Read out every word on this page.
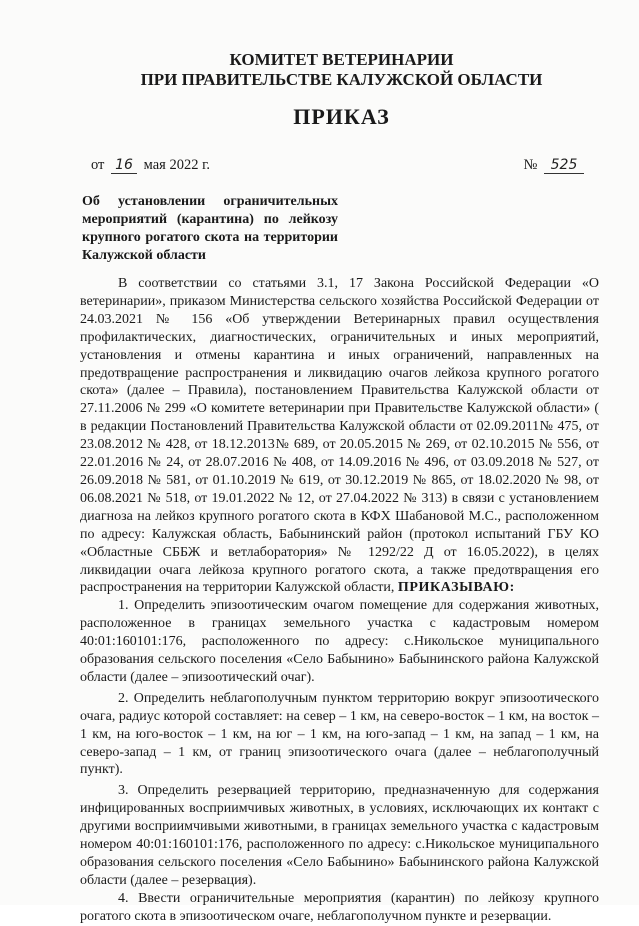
КОМИТЕТ ВЕТЕРИНАРИИ
ПРИ ПРАВИТЕЛЬСТВЕ КАЛУЖСКОЙ ОБЛАСТИ
ПРИКАЗ
от 16 мая 2022 г.	№ 525
Об установлении ограничительных мероприятий (карантина) по лейкозу крупного рогатого скота на территории Калужской области

В соответствии со статьями 3.1, 17 Закона Российской Федерации «О ветеринарии», приказом Министерства сельского хозяйства Российской Федерации от 24.03.2021 № 156 «Об утверждении Ветеринарных правил осуществления профилактических, диагностических, ограничительных и иных мероприятий, установления и отмены карантина и иных ограничений, направленных на предотвращение распространения и ликвидацию очагов лейкоза крупного рогатого скота» (далее – Правила), постановлением Правительства Калужской области от 27.11.2006 № 299 «О комитете ветеринарии при Правительстве Калужской области» ( в редакции Постановлений Правительства Калужской области от 02.09.2011№ 475, от 23.08.2012 № 428, от 18.12.2013№ 689, от 20.05.2015 № 269, от 02.10.2015 № 556, от 22.01.2016 № 24, от 28.07.2016 № 408, от 14.09.2016 № 496, от 03.09.2018 № 527, от 26.09.2018 № 581, от 01.10.2019 № 619, от 30.12.2019 № 865, от 18.02.2020 № 98, от 06.08.2021 № 518, от 19.01.2022 № 12, от 27.04.2022 № 313) в связи с установлением диагноза на лейкоз крупного рогатого скота в КФХ Шабановой М.С., расположенном по адресу: Калужская область, Бабынинский район (протокол испытаний ГБУ КО «Областные СББЖ и ветлаборатория» № 1292/22 Д от 16.05.2022), в целях ликвидации очага лейкоза крупного рогатого скота, а также предотвращения его распространения на территории Калужской области, ПРИКАЗЫВАЮ:

1. Определить эпизоотическим очагом помещение для содержания животных, расположенное в границах земельного участка с кадастровым номером 40:01:160101:176, расположенного по адресу: с.Никольское муниципального образования сельского поселения «Село Бабынино» Бабынинского района Калужской области (далее – эпизоотический очаг).

2. Определить неблагополучным пунктом территорию вокруг эпизоотического очага, радиус которой составляет: на север – 1 км, на северо-восток – 1 км, на восток – 1 км, на юго-восток – 1 км, на юг – 1 км, на юго-запад – 1 км, на запад – 1 км, на северо-запад – 1 км, от границ эпизоотического очага (далее – неблагополучный пункт).

3. Определить резервацией территорию, предназначенную для содержания инфицированных восприимчивых животных, в условиях, исключающих их контакт с другими восприимчивыми животными, в границах земельного участка с кадастровым номером 40:01:160101:176, расположенного по адресу: с.Никольское муниципального образования сельского поселения «Село Бабынино» Бабынинского района Калужской области (далее – резервация).

4. Ввести ограничительные мероприятия (карантин) по лейкозу крупного рогатого скота в эпизоотическом очаге, неблагополучном пункте и резервации.
